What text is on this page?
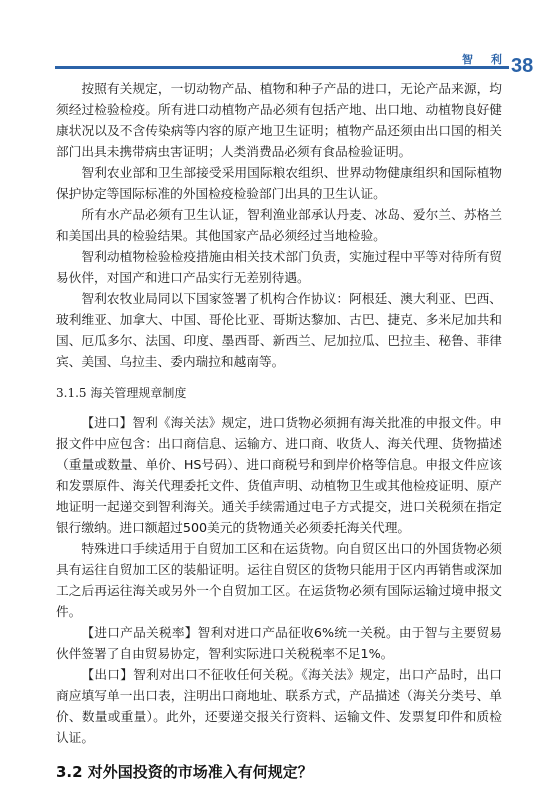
智 利 38

按照有关规定，一切动物产品、植物和种子产品的进口，无论产品来源，均须经过检验检疫。所有进口动植物产品必须有包括产地、出口地、动植物良好健康状况以及不含传染病等内容的原产地卫生证明；植物产品还须由出口国的相关部门出具未携带病虫害证明；人类消费品必须有食品检验证明。

智利农业部和卫生部接受采用国际粮农组织、世界动物健康组织和国际植物保护协定等国际标准的外国检疫检验部门出具的卫生认证。

所有水产品必须有卫生认证，智利渔业部承认丹麦、冰岛、爱尔兰、苏格兰和美国出具的检验结果。其他国家产品必须经过当地检验。

智利动植物检验检疫措施由相关技术部门负责，实施过程中平等对待所有贸易伙伴，对国产和进口产品实行无差别待遇。

智利农牧业局同以下国家签署了机构合作协议：阿根廷、澳大利亚、巴西、玻利维亚、加拿大、中国、哥伦比亚、哥斯达黎加、古巴、捷克、多米尼加共和国、厄瓜多尔、法国、印度、墨西哥、新西兰、尼加拉瓜、巴拉圭、秘鲁、菲律宾、美国、乌拉圭、委内瑞拉和越南等。

3.1.5 海关管理规章制度

【进口】智利《海关法》规定，进口货物必须拥有海关批准的申报文件。申报文件中应包含：出口商信息、运输方、进口商、收货人、海关代理、货物描述（重量或数量、单价、HS号码）、进口商税号和到岸价格等信息。申报文件应该和发票原件、海关代理委托文件、货值声明、动植物卫生或其他检疫证明、原产地证明一起递交到智利海关。通关手续需通过电子方式提交，进口关税须在指定银行缴纳。进口额超过500美元的货物通关必须委托海关代理。

特殊进口手续适用于自贸加工区和在运货物。向自贸区出口的外国货物必须具有运往自贸加工区的装船证明。运往自贸区的货物只能用于区内再销售或深加工之后再运往海关或另外一个自贸加工区。在运货物必须有国际运输过境申报文件。

【进口产品关税率】智利对进口产品征收6%统一关税。由于智与主要贸易伙伴签署了自由贸易协定，智利实际进口关税税率不足1%。

【出口】智利对出口不征收任何关税。《海关法》规定，出口产品时，出口商应填写单一出口表，注明出口商地址、联系方式，产品描述（海关分类号、单价、数量或重量）。此外，还要递交报关行资料、运输文件、发票复印件和质检认证。

3.2 对外国投资的市场准入有何规定？
